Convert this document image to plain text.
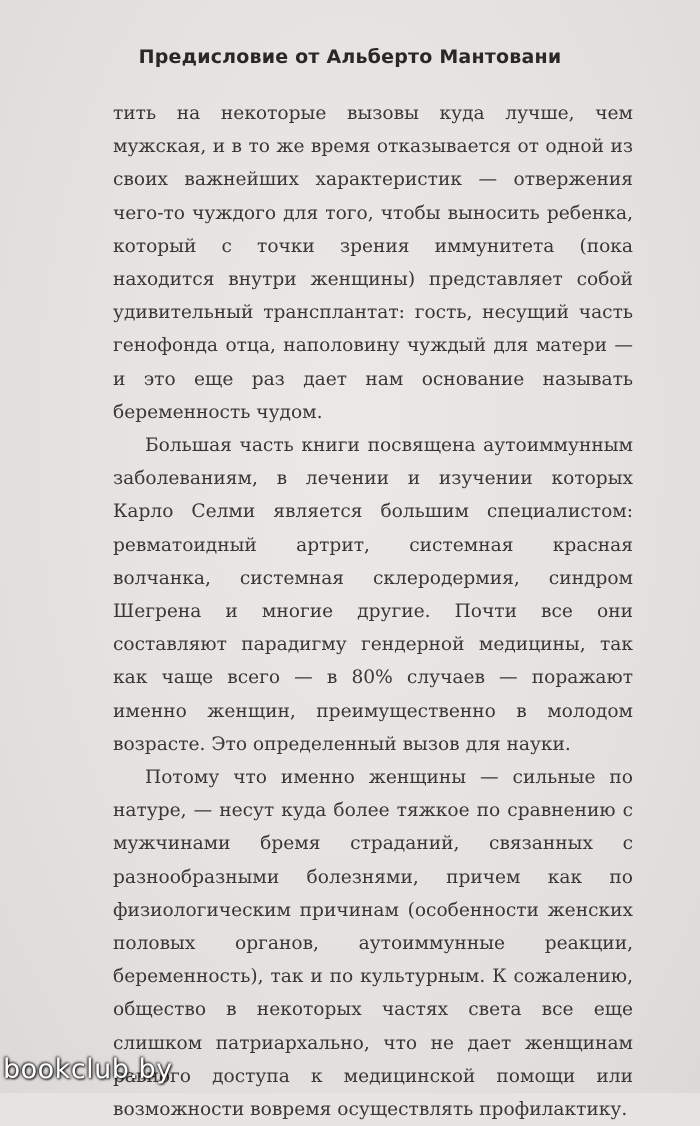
Предисловие от Альберто Мантовани

тить на некоторые вызовы куда лучше, чем мужская, и в то же время отказывается от одной из своих важнейших характеристик — отвержения чего-то чуждого для того, чтобы выносить ребенка, который с точки зрения иммунитета (пока находится внутри женщины) представляет собой удивительный трансплантат: гость, несущий часть генофонда отца, наполовину чуждый для матери — и это еще раз дает нам основание называть беременность чудом.

Большая часть книги посвящена аутоиммунным заболеваниям, в лечении и изучении которых Карло Селми является большим специалистом: ревматоидный артрит, системная красная волчанка, системная склеродермия, синдром Шегрена и многие другие. Почти все они составляют парадигму гендерной медицины, так как чаще всего — в 80% случаев — поражают именно женщин, преимущественно в молодом возрасте. Это определенный вызов для науки.

Потому что именно женщины — сильные по натуре, — несут куда более тяжкое по сравнению с мужчинами бремя страданий, связанных с разнообразными болезнями, причем как по физиологическим причинам (особенности женских половых органов, аутоиммунные реакции, беременность), так и по культурным. К сожалению, общество в некоторых частях света все еще слишком патриархально, что не дает женщинам равного доступа к медицинской помощи или возможности вовремя осуществлять профилактику.

bookclub.by
